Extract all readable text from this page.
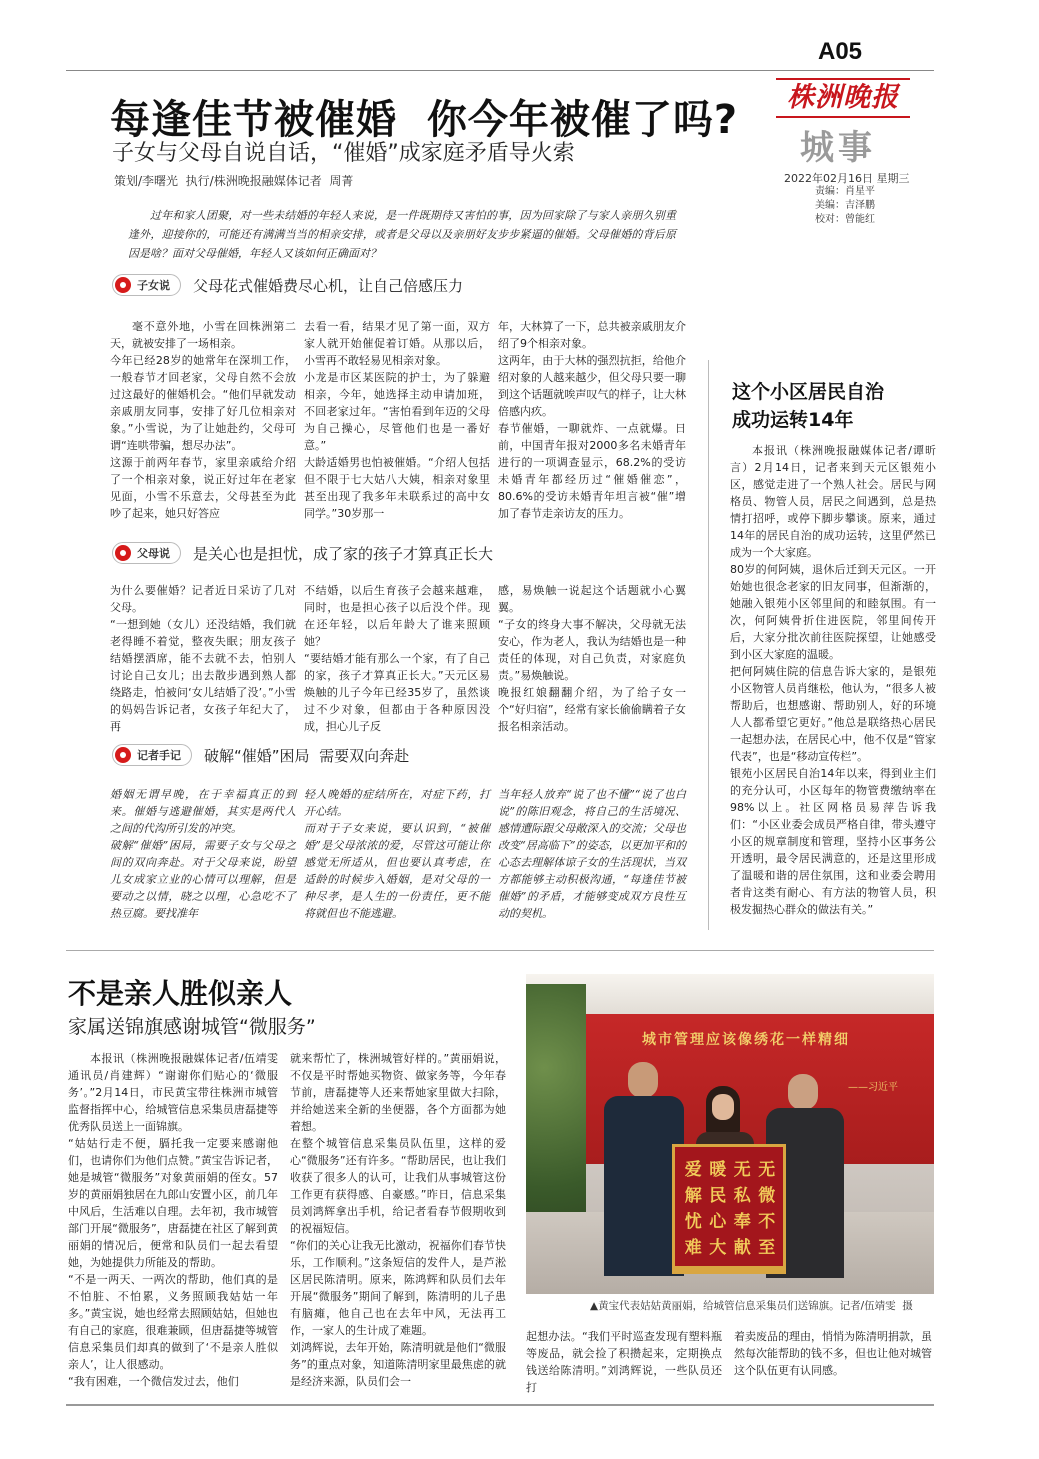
A05
株洲晚报
城事
2022年02月16日 星期三
责编：肖星平
美编：吉泽鹏
校对：曾能红
每逢佳节被催婚  你今年被催了吗?
子女与父母自说自话，“催婚”成家庭矛盾导火索
策划/李曙光  执行/株洲晚报融媒体记者  周菁
过年和家人团聚，对一些未结婚的年轻人来说，是一件既期待又害怕的事，因为回家除了与家人亲朋久别重逢外，迎接你的，可能还有满满当当的相亲安排，或者是父母以及亲朋好友步步紧逼的催婚。父母催婚的背后原因是啥？面对父母催婚，年轻人又该如何正确面对？
子女说 父母花式催婚费尽心机，让自己倍感压力
毫不意外地，小雪在回株洲第二天，就被安排了一场相亲。
今年已经28岁的她常年在深圳工作，一般春节才回老家，父母自然不会放过这最好的催婚机会。“他们早就发动亲戚朋友同事，安排了好几位相亲对象。”小雪说，为了让她赴约，父母可谓“连哄带骗，想尽办法”。
这源于前两年春节，家里亲戚给介绍了一个相亲对象，说正好过年在老家见面，小雪不乐意去，父母甚至为此吵了起来，她只好答应
去看一看，结果才见了第一面，双方家人就开始催促着订婚。从那以后，小雪再不敢轻易见相亲对象。
小龙是市区某医院的护士，为了躲避相亲，今年，她选择主动申请加班，不回老家过年。“害怕看到年迈的父母为自己操心，尽管他们也是一番好意。”
大龄适婚男也怕被催婚。“介绍人包括但不限于七大姑八大姨，相亲对象里甚至出现了我多年未联系过的高中女同学。”30岁那一
年，大林算了一下，总共被亲戚朋友介绍了9个相亲对象。
这两年，由于大林的强烈抗拒，给他介绍对象的人越来越少，但父母只要一聊到这个话题就唉声叹气的样子，让大林倍感内疚。
春节催婚，一聊就炸、一点就爆。日前，中国青年报对2000多名未婚青年进行的一项调查显示，68.2%的受访未婚青年都经历过“催婚催恋”，80.6%的受访未婚青年坦言被“催”增加了春节走亲访友的压力。
父母说 是关心也是担忧，成了家的孩子才算真正长大
为什么要催婚？记者近日采访了几对父母。
“一想到她（女儿）还没结婚，我们就老得睡不着觉，整夜失眠；朋友孩子结婚摆酒席，能不去就不去，怕别人讨论自己女儿；出去散步遇到熟人都绕路走，怕被问‘女儿结婚了没’。”小雪的妈妈告诉记者，女孩子年纪大了，再
不结婚，以后生育孩子会越来越难，同时，也是担心孩子以后没个伴。现在还年轻，以后年龄大了谁来照顾她？
“要结婚才能有那么一个家，有了自己的家，孩子才算真正长大。”天元区易焕触的儿子今年已经35岁了，虽然谈过不少对象，但都由于各种原因没成，担心儿子反
感，易焕触一说起这个话题就小心翼翼。
“子女的终身大事不解决，父母就无法安心，作为老人，我认为结婚也是一种责任的体现，对自己负责，对家庭负责。”易焕触说。
晚报红娘翻翻介绍，为了给子女一个“好归宿”，经常有家长偷偷瞒着子女报名相亲活动。
记者手记 破解“催婚”困局  需要双向奔赴
婚姻无谓早晚，在于幸福真正的到来。催婚与逃避催婚，其实是两代人之间的代沟所引发的冲突。
破解“催婚”困局，需要子女与父母之间的双向奔赴。对于父母来说，盼望儿女成家立业的心情可以理解，但是要动之以情，晓之以理，心急吃不了热豆腐。要找准年
轻人晚婚的症结所在，对症下药，打开心结。
而对于子女来说，要认识到，“被催婚”是父母浓浓的爱，尽管这可能让你感觉无所适从，但也要认真考虑，在适龄的时候步入婚姻，是对父母的一种尽孝，是人生的一份责任，更不能将就但也不能逃避。
当年轻人放弃“说了也不懂”“说了也白说”的陈旧观念，将自己的生活境况、感情遭际跟父母敞深入的交流；父母也改变“居高临下”的姿态，以更加平和的心态去理解体谅子女的生活现状，当双方都能够主动积极沟通，“每逢佳节被催婚”的矛盾，才能够变成双方良性互动的契机。
这个小区居民自治
成功运转14年
本报讯（株洲晚报融媒体记者/谭昕言）2月14日，记者来到天元区银苑小区，感觉走进了一个熟人社会。居民与网格员、物管人员，居民之间遇到，总是热情打招呼，或停下脚步攀谈。原来，通过14年的居民自治的成功运转，这里俨然已成为一个大家庭。
80岁的何阿姨，退休后迁到天元区。一开始她也很念老家的旧友同事，但渐渐的，她融入银苑小区邻里间的和睦氛围。有一次，何阿姨骨折住进医院，邻里间传开后，大家分批次前往医院探望，让她感受到小区大家庭的温暖。
把何阿姨住院的信息告诉大家的，是银苑小区物管人员肖继松，他认为，“很多人被帮助后，也想感谢、帮助别人，好的环境人人都希望它更好。”他总是联络热心居民一起想办法，在居民心中，他不仅是“管家代表”，也是“移动宣传栏”。
银苑小区居民自治14年以来，得到业主们的充分认可，小区每年的物管费缴纳率在98%以上。社区网格员易萍告诉我们：“小区业委会成员严格自律，带头遵守小区的规章制度和管理，坚持小区事务公开透明，最令居民满意的，还是这里形成了温暖和谐的居住氛围，这和业委会聘用者肯这类有耐心、有方法的物管人员，积极发掘热心群众的做法有关。”
不是亲人胜似亲人
家属送锦旗感谢城管“微服务”
本报讯（株洲晚报融媒体记者/伍靖雯  通讯员/肖建辉）“谢谢你们贴心的‘微服务’。”2月14日，市民黄宝带往株洲市城管监督指挥中心，给城管信息采集员唐磊捷等优秀队员送上一面锦旗。
“姑姑行走不便，膈托我一定要来感谢他们，也请你们为他们点赞。”黄宝告诉记者，她是城管“微服务”对象黄丽娟的侄女。57岁的黄丽娟独居在九郎山安置小区，前几年中风后，生活难以自理。去年初，我市城管部门开展“微服务”，唐磊捷在社区了解到黄丽娟的情况后，便常和队员们一起去看望她，为她提供力所能及的帮助。
“不是一两天、一两次的帮助，他们真的是不怕脏、不怕累，义务照顾我姑姑一年多。”黄宝说，她也经常去照顾姑姑，但她也有自己的家庭，很难兼顾，但唐磊捷等城管信息采集员们却真的做到了‘不是亲人胜似亲人’，让人很感动。
“我有困难，一个微信发过去，他们
就来帮忙了，株洲城管好样的。”黄丽娟说，不仅是平时帮她买物资、做家务等，今年春节前，唐磊捷等人还来帮她家里做大扫除，并给她送来全新的坐便器，各个方面都为她着想。
在整个城管信息采集员队伍里，这样的爱心“微服务”还有许多。“帮助居民，也让我们收获了很多人的认可，让我们从事城管这份工作更有获得感、自豪感。”昨日，信息采集员刘鸿辉拿出手机，给记者看春节假期收到的祝福短信。
“你们的关心让我无比激动，祝福你们春节快乐，工作顺利。”这条短信的发件人，是芦淞区居民陈清明。原来，陈鸿辉和队员们去年开展“微服务”期间了解到，陈清明的儿子患有脑瘫，他自己也在去年中风，无法再工作，一家人的生计成了难题。
刘鸿辉说，去年开始，陈清明就是他们“微服务”的重点对象，知道陈清明家里最焦虑的就是经济来源，队员们会一
起想办法。“我们平时巡查发现有塑料瓶等废品，就会捡了积攒起来，定期换点钱送给陈清明。”刘鸿辉说，一些队员还打
着卖废品的理由，悄悄为陈清明捐款，虽然每次能帮助的钱不多，但也让他对城管这个队伍更有认同感。
城市管理应该像绣花一样精细
——习近平
爱
解
忧
难
暖
民
心
大
无
私
奉
献
无
微
不
至
▲黄宝代表姑姑黄丽娟，给城管信息采集员们送锦旗。记者/伍靖雯  摄
